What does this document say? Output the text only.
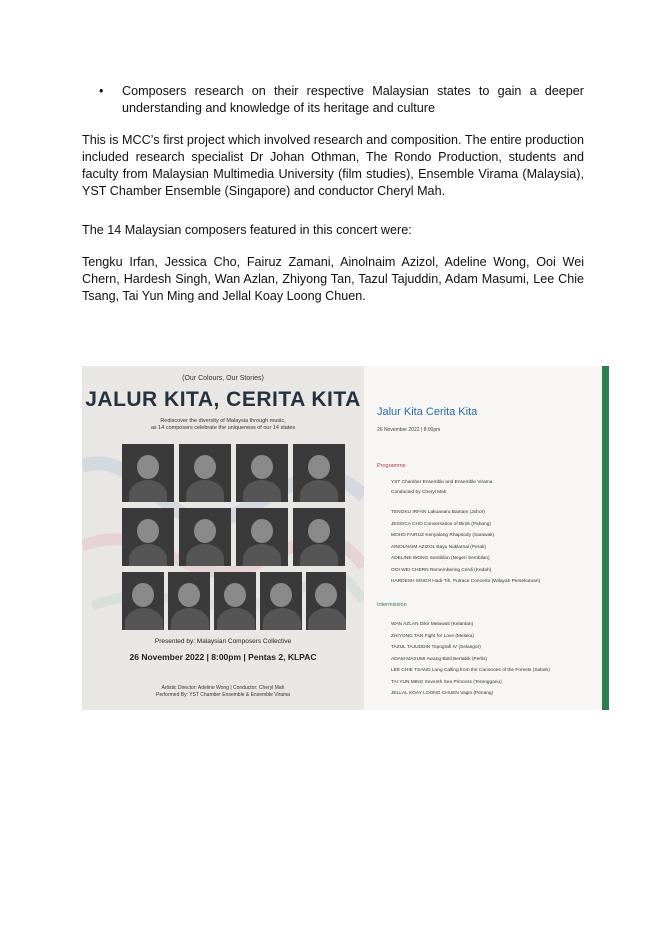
• Composers research on their respective Malaysian states to gain a deeper understanding and knowledge of its heritage and culture
This is MCC’s first project which involved research and composition. The entire production included research specialist Dr Johan Othman, The Rondo Production, students and faculty from Malaysian Multimedia University (film studies), Ensemble Virama (Malaysia), YST Chamber Ensemble (Singapore) and conductor Cheryl Mah.
The 14 Malaysian composers featured in this concert were:
Tengku Irfan, Jessica Cho, Fairuz Zamani, Ainolnaim Azizol, Adeline Wong, Ooi Wei Chern, Hardesh Singh, Wan Azlan, Zhiyong Tan, Tazul Tajuddin, Adam Masumi, Lee Chie Tsang, Tai Yun Ming and Jellal Koay Loong Chuen.
(Our Colours, Our Stories)
JALUR KITA, CERITA KITA
Rediscover the diversity of Malaysia through music,
as 14 composers celebrate the uniqueness of our 14 states
Presented by: Malaysian Composers Collective
26 November 2022 | 8:00pm | Pentas 2, KLPAC
Artistic Director: Adeline Wong | Conductor: Cheryl Mah
Performed By: YST Chamber Ensemble & Ensemble Virama
Jalur Kita Cerita Kita
26 November 2022 | 8:00pm
Programme
YST Chamber Ensemble and Ensemble Virama
Conducted by Cheryl Mah
TENGKU IRFAN Lakuanaru Bantam (Johor)
JESSICA CHO Conversation of Birds (Pahang)
MOHD FAIRUZ Kenyalang Rhapsody (Sarawak)
AINOLNAIM AZIZOL Bayu Nuklarnal (Perak)
ADELINE WONG Sembilan (Negeri Sembilan)
OOI WEI CHERN Remembering Cerdi (Kedah)
HARDESH SINGH Hadi-Tih, Putrace Concerto (Wilayah Persekutuan)
Intermission
WAN AZLAN Dikir Melawati (Kelantan)
ZHIYONG TAN Fight for Love (Melaka)
TAZUL TAJUDDIN Topografi IV (Selangor)
ADAM MASUMI Awang Batil Bertabik (Perlis)
LEE CHIE TSANG Long Calling from the Canonoes of the Forests (Sabah)
TAI YUN MING Seventh Sea Princess (Terengganu)
JELLAL KOAY LOONG CHUEN Vagin (Penang)
